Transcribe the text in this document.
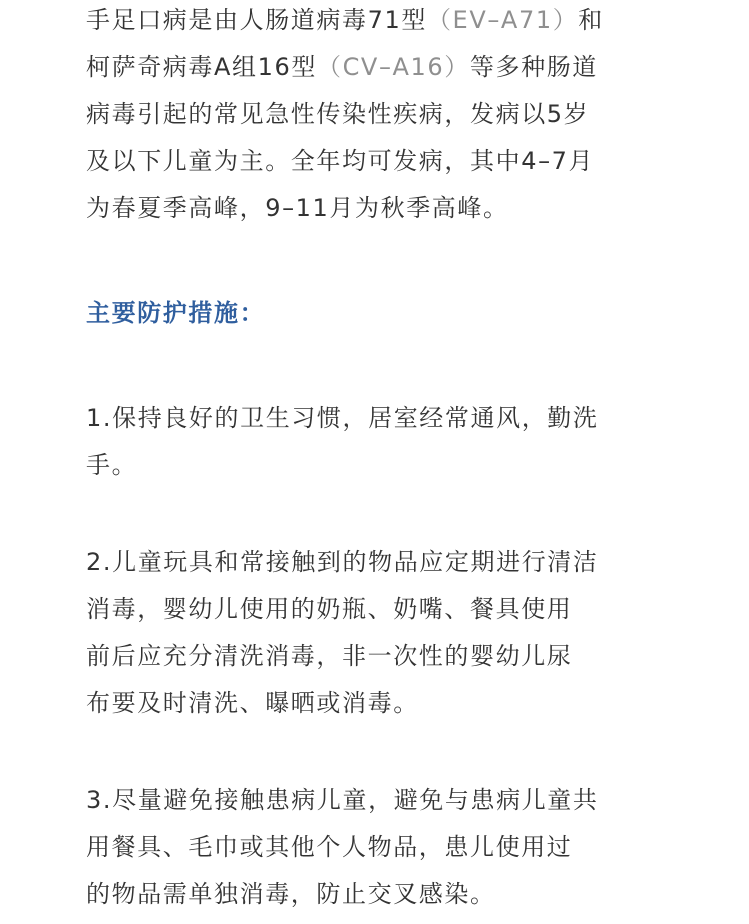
手足口病是由人肠道病毒71型（EV–A71）和
柯萨奇病毒A组16型（CV–A16）等多种肠道
病毒引起的常见急性传染性疾病，发病以5岁
及以下儿童为主。全年均可发病，其中4–7月
为春夏季高峰，9–11月为秋季高峰。

主要防护措施：

1.保持良好的卫生习惯，居室经常通风，勤洗
手。

2.儿童玩具和常接触到的物品应定期进行清洁
消毒，婴幼儿使用的奶瓶、奶嘴、餐具使用
前后应充分清洗消毒，非一次性的婴幼儿尿
布要及时清洗、曝晒或消毒。

3.尽量避免接触患病儿童，避免与患病儿童共
用餐具、毛巾或其他个人物品，患儿使用过
的物品需单独消毒，防止交叉感染。
